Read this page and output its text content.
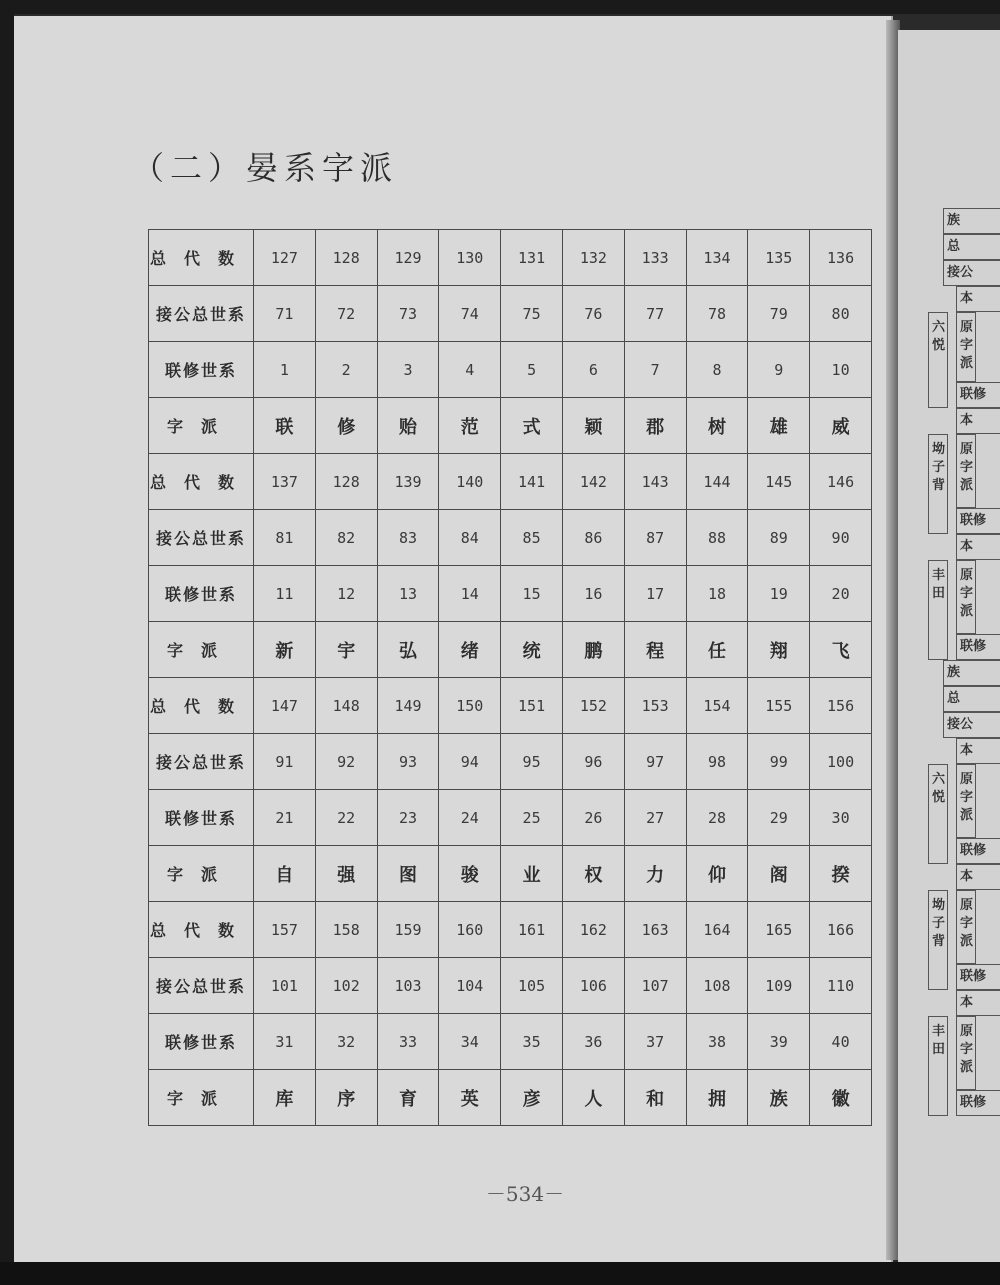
（二）晏系字派
总代数	127	128	129	130	131	132	133	134	135	136
接公总世系	71	72	73	74	75	76	77	78	79	80
联修世系	1	2	3	4	5	6	7	8	9	10
字派	联	修	贻	范	式	颖	郡	树	雄	威
总代数	137	128	139	140	141	142	143	144	145	146
接公总世系	81	82	83	84	85	86	87	88	89	90
联修世系	11	12	13	14	15	16	17	18	19	20
字派	新	宇	弘	绪	统	鹏	程	任	翔	飞
总代数	147	148	149	150	151	152	153	154	155	156
接公总世系	91	92	93	94	95	96	97	98	99	100
联修世系	21	22	23	24	25	26	27	28	29	30
字派	自	强	图	骏	业	权	力	仰	阁	揆
总代数	157	158	159	160	161	162	163	164	165	166
接公总世系	101	102	103	104	105	106	107	108	109	110
联修世系	31	32	33	34	35	36	37	38	39	40
字派	库	序	育	英	彦	人	和	拥	族	徽
－534－
族
总
接公
本
六悦
原字派
联修
本
坳子背
原字派
联修
本
丰田
原字派
联修
族
总
接公
本
六悦
原字派
联修
本
坳子背
原字派
联修
本
丰田
原字派
联修
